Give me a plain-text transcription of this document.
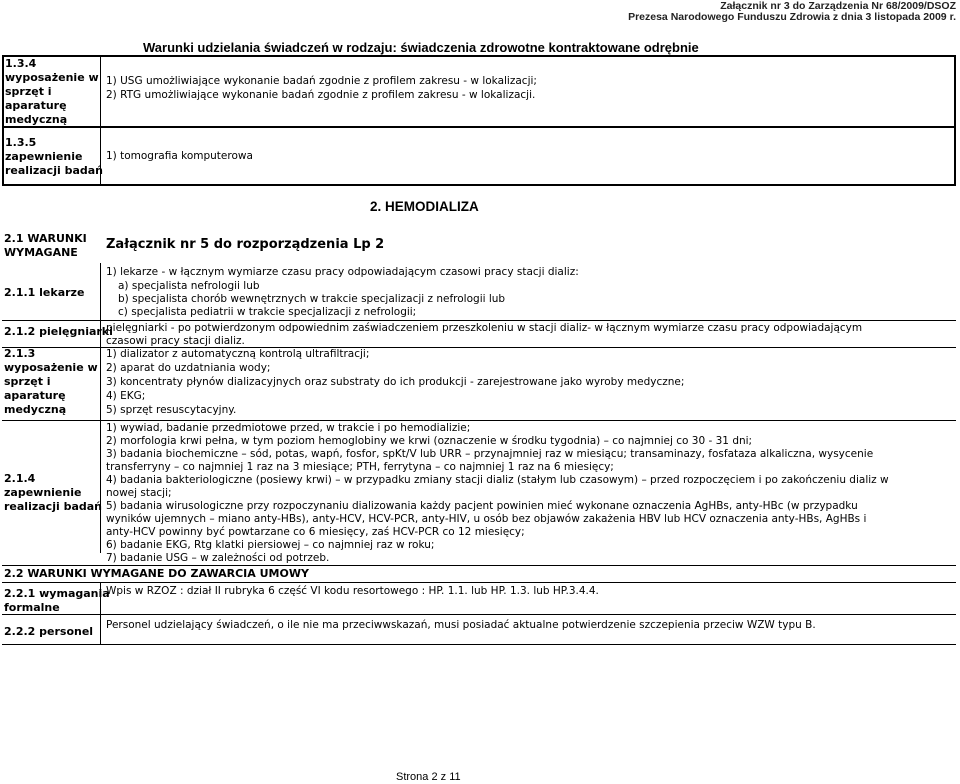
Załącznik nr 3 do Zarządzenia Nr 68/2009/DSOZ
Prezesa Narodowego Funduszu Zdrowia z dnia 3 listopada 2009 r.
Warunki udzielania świadczeń w rodzaju: świadczenia zdrowotne kontraktowane odrębnie
1.3.4
wyposażenie w
sprzęt i
aparaturę
medyczną
1) USG umożliwiające wykonanie badań zgodnie z profilem zakresu - w lokalizacji;
2) RTG umożliwiające wykonanie badań zgodnie z profilem zakresu - w lokalizacji.
1.3.5
zapewnienie
realizacji badań
1) tomografia komputerowa
2. HEMODIALIZA
2.1 WARUNKI
WYMAGANE
Załącznik nr 5 do rozporządzenia Lp 2
2.1.1 lekarze
1) lekarze - w łącznym wymiarze czasu pracy odpowiadającym czasowi pracy stacji dializ:
a) specjalista nefrologii lub
b) specjalista chorób wewnętrznych w trakcie specjalizacji z nefrologii lub
c) specjalista pediatrii w trakcie specjalizacji z nefrologii;
2.1.2 pielęgniarki
pielęgniarki - po potwierdzonym odpowiednim zaświadczeniem przeszkoleniu w stacji dializ- w łącznym wymiarze czasu pracy odpowiadającym
czasowi pracy stacji dializ.
2.1.3
wyposażenie w
sprzęt i
aparaturę
medyczną
1) dializator z automatyczną kontrolą ultrafiltracji;
2) aparat do uzdatniania wody;
3) koncentraty płynów dializacyjnych oraz substraty do ich produkcji - zarejestrowane jako wyroby medyczne;
4) EKG;
5) sprzęt resuscytacyjny.
2.1.4
zapewnienie
realizacji badań
1) wywiad, badanie przedmiotowe przed, w trakcie i po hemodializie;
2) morfologia krwi pełna, w tym poziom hemoglobiny we krwi (oznaczenie w środku tygodnia) – co najmniej co 30 - 31 dni;
3) badania biochemiczne – sód, potas, wapń, fosfor, spKt/V lub URR – przynajmniej raz w miesiącu; transaminazy, fosfataza alkaliczna, wysycenie
transferryny – co najmniej 1 raz na 3 miesiące; PTH, ferrytyna – co najmniej 1 raz na 6 miesięcy;
4) badania bakteriologiczne (posiewy krwi) – w przypadku zmiany stacji dializ (stałym lub czasowym) – przed rozpoczęciem i po zakończeniu dializ w
nowej stacji;
5) badania wirusologiczne przy rozpoczynaniu dializowania każdy pacjent powinien mieć wykonane oznaczenia AgHBs, anty-HBc (w przypadku
wyników ujemnych – miano anty-HBs), anty-HCV, HCV-PCR, anty-HIV, u osób bez objawów zakażenia HBV lub HCV oznaczenia anty-HBs, AgHBs i
anty-HCV powinny być powtarzane co 6 miesięcy, zaś HCV-PCR co 12 miesięcy;
6) badanie EKG, Rtg klatki piersiowej – co najmniej raz w roku;
7) badanie USG – w zależności od potrzeb.
2.2 WARUNKI WYMAGANE DO ZAWARCIA UMOWY
2.2.1 wymagania
formalne
Wpis w RZOZ : dział II rubryka 6 część VI kodu resortowego : HP. 1.1. lub HP. 1.3. lub HP.3.4.4.
2.2.2 personel Personel udzielający świadczeń, o ile nie ma przeciwwskazań, musi posiadać aktualne potwierdzenie szczepienia przeciw WZW typu B.
Strona 2 z 11
